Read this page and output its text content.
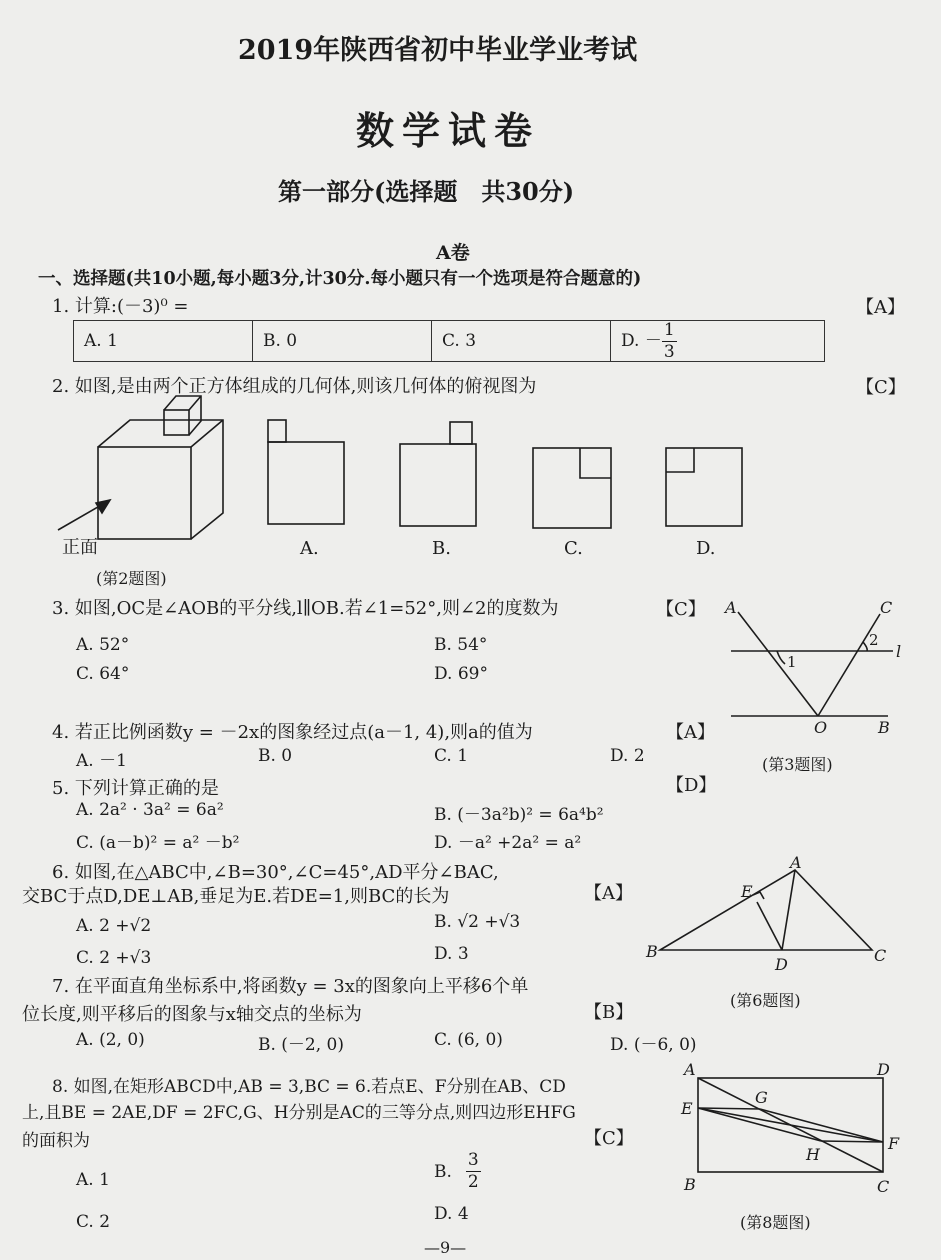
2019年陕西省初中毕业学业考试
数学试卷
第一部分(选择题　共30分)
A卷
一、选择题(共10小题,每小题3分,计30分.每小题只有一个选项是符合题意的)
1. 计算:(－3)⁰ =	【A】
A. 1	B. 0	C. 3	D. － $\frac{1}{3}$
2. 如图,是由两个正方体组成的几何体,则该几何体的俯视图为	【C】
正面	A.	B.	C.	D.
(第2题图)
3. 如图,OC是∠AOB的平分线,l∥OB.若∠1=52°,则∠2的度数为	【C】
A. 52°	B. 54°
C. 64°	D. 69°
A	C
l
O	B
1
2
(第3题图)
4. 若正比例函数y = －2x的图象经过点(a－1, 4),则a的值为	【A】
A. －1	B. 0	C. 1	D. 2
5. 下列计算正确的是	【D】
A. 2a² · 3a² = 6a²	B. (－3a²b)² = 6a⁴b²
C. (a－b)² = a² －b²	D. －a² +2a² = a²
6. 如图,在△ABC中,∠B=30°,∠C=45°,AD平分∠BAC,
交BC于点D,DE⊥AB,垂足为E.若DE=1,则BC的长为	【A】
A. 2 +√2	B. √2 +√3
C. 2 +√3	D. 3
A
B	C
D
E
(第6题图)
7. 在平面直角坐标系中,将函数y = 3x的图象向上平移6个单
位长度,则平移后的图象与x轴交点的坐标为	【B】
A. (2, 0)	B. (－2, 0)	C. (6, 0)	D. (－6, 0)
8. 如图,在矩形ABCD中,AB = 3,BC = 6.若点E、F分别在AB、CD
上,且BE = 2AE,DF = 2FC,G、H分别是AC的三等分点,则四边形EHFG
的面积为	【C】
A. 1	B. $\frac{3}{2}$
C. 2	D. 4
A	D
E
G
F
H
B	C
(第8题图)
—9—
